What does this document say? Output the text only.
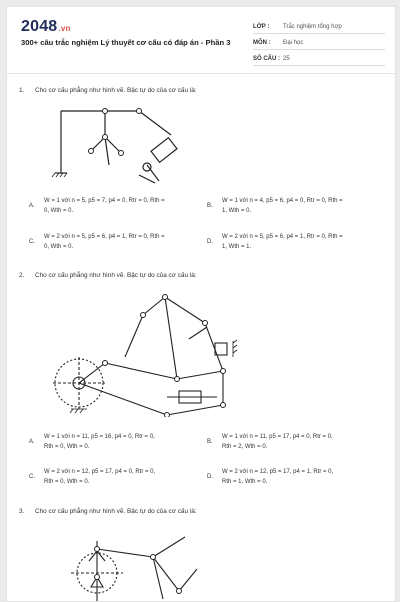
2048.vn
300+ câu trắc nghiệm Lý thuyết cơ cấu có đáp án - Phần 3
LỚP :	Trắc nghiệm tổng hợp
MÔN :	Đại học
SỐ CÂU : 25
1. Cho cơ cấu phẳng như hình vẽ. Bậc tự do của cơ cấu là:
A.
W = 1 với n = 5, p5 = 7, p4 = 0, Rtr = 0, Rth =
0, Wth = 0.
B.
W = 1 với n = 4, p5 = 6, p4 = 0, Rtr = 0, Rth =
1, Wth = 0.
C.
W = 2 với n = 5, p5 = 6, p4 = 1, Rtr = 0, Rth =
0, Wth = 0.
D.
W = 2 với n = 5, p5 = 6, p4 = 1, Rtr = 0, Rth =
1, Wth = 1.
2. Cho cơ cấu phẳng như hình vẽ. Bậc tự do của cơ cấu là:
A.
W = 1 với n = 11, p5 = 16, p4 = 0, Rtr = 0,
Rth = 0, Wth = 0.
B.
W = 1 với n = 11, p5 = 17, p4 = 0, Rtr = 0,
Rth = 2, Wth = 0.
C.
W = 2 với n = 12, p5 = 17, p4 = 0, Rtr = 0,
Rth = 0, Wth = 0.
D.
W = 2 với n = 12, p5 = 17, p4 = 1, Rtr = 0,
Rth = 1, Wth = 0.
3. Cho cơ cấu phẳng như hình vẽ. Bậc tự do của cơ cấu là:
